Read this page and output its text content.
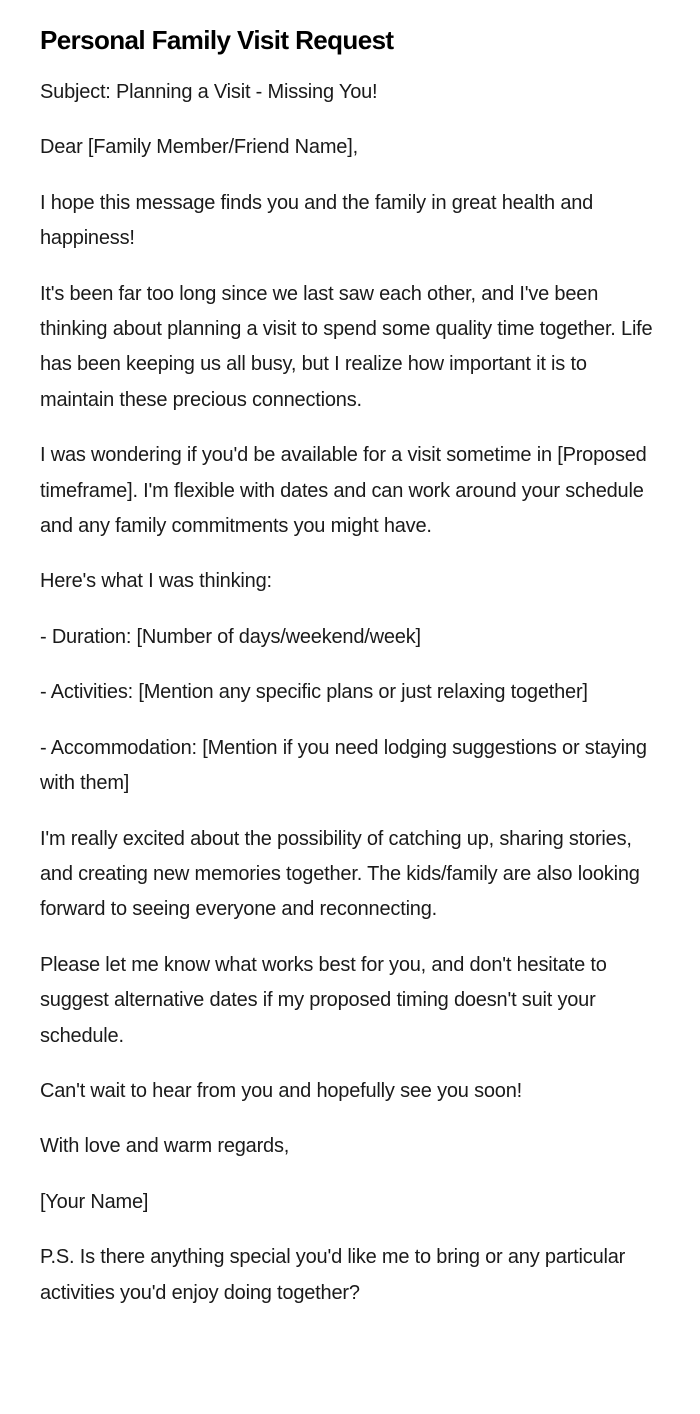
Personal Family Visit Request

Subject: Planning a Visit - Missing You!

Dear [Family Member/Friend Name],

I hope this message finds you and the family in great health and happiness!

It's been far too long since we last saw each other, and I've been thinking about planning a visit to spend some quality time together. Life has been keeping us all busy, but I realize how important it is to maintain these precious connections.

I was wondering if you'd be available for a visit sometime in [Proposed timeframe]. I'm flexible with dates and can work around your schedule and any family commitments you might have.

Here's what I was thinking:

- Duration: [Number of days/weekend/week]

- Activities: [Mention any specific plans or just relaxing together]

- Accommodation: [Mention if you need lodging suggestions or staying with them]

I'm really excited about the possibility of catching up, sharing stories, and creating new memories together. The kids/family are also looking forward to seeing everyone and reconnecting.

Please let me know what works best for you, and don't hesitate to suggest alternative dates if my proposed timing doesn't suit your schedule.

Can't wait to hear from you and hopefully see you soon!

With love and warm regards,

[Your Name]

P.S. Is there anything special you'd like me to bring or any particular activities you'd enjoy doing together?
